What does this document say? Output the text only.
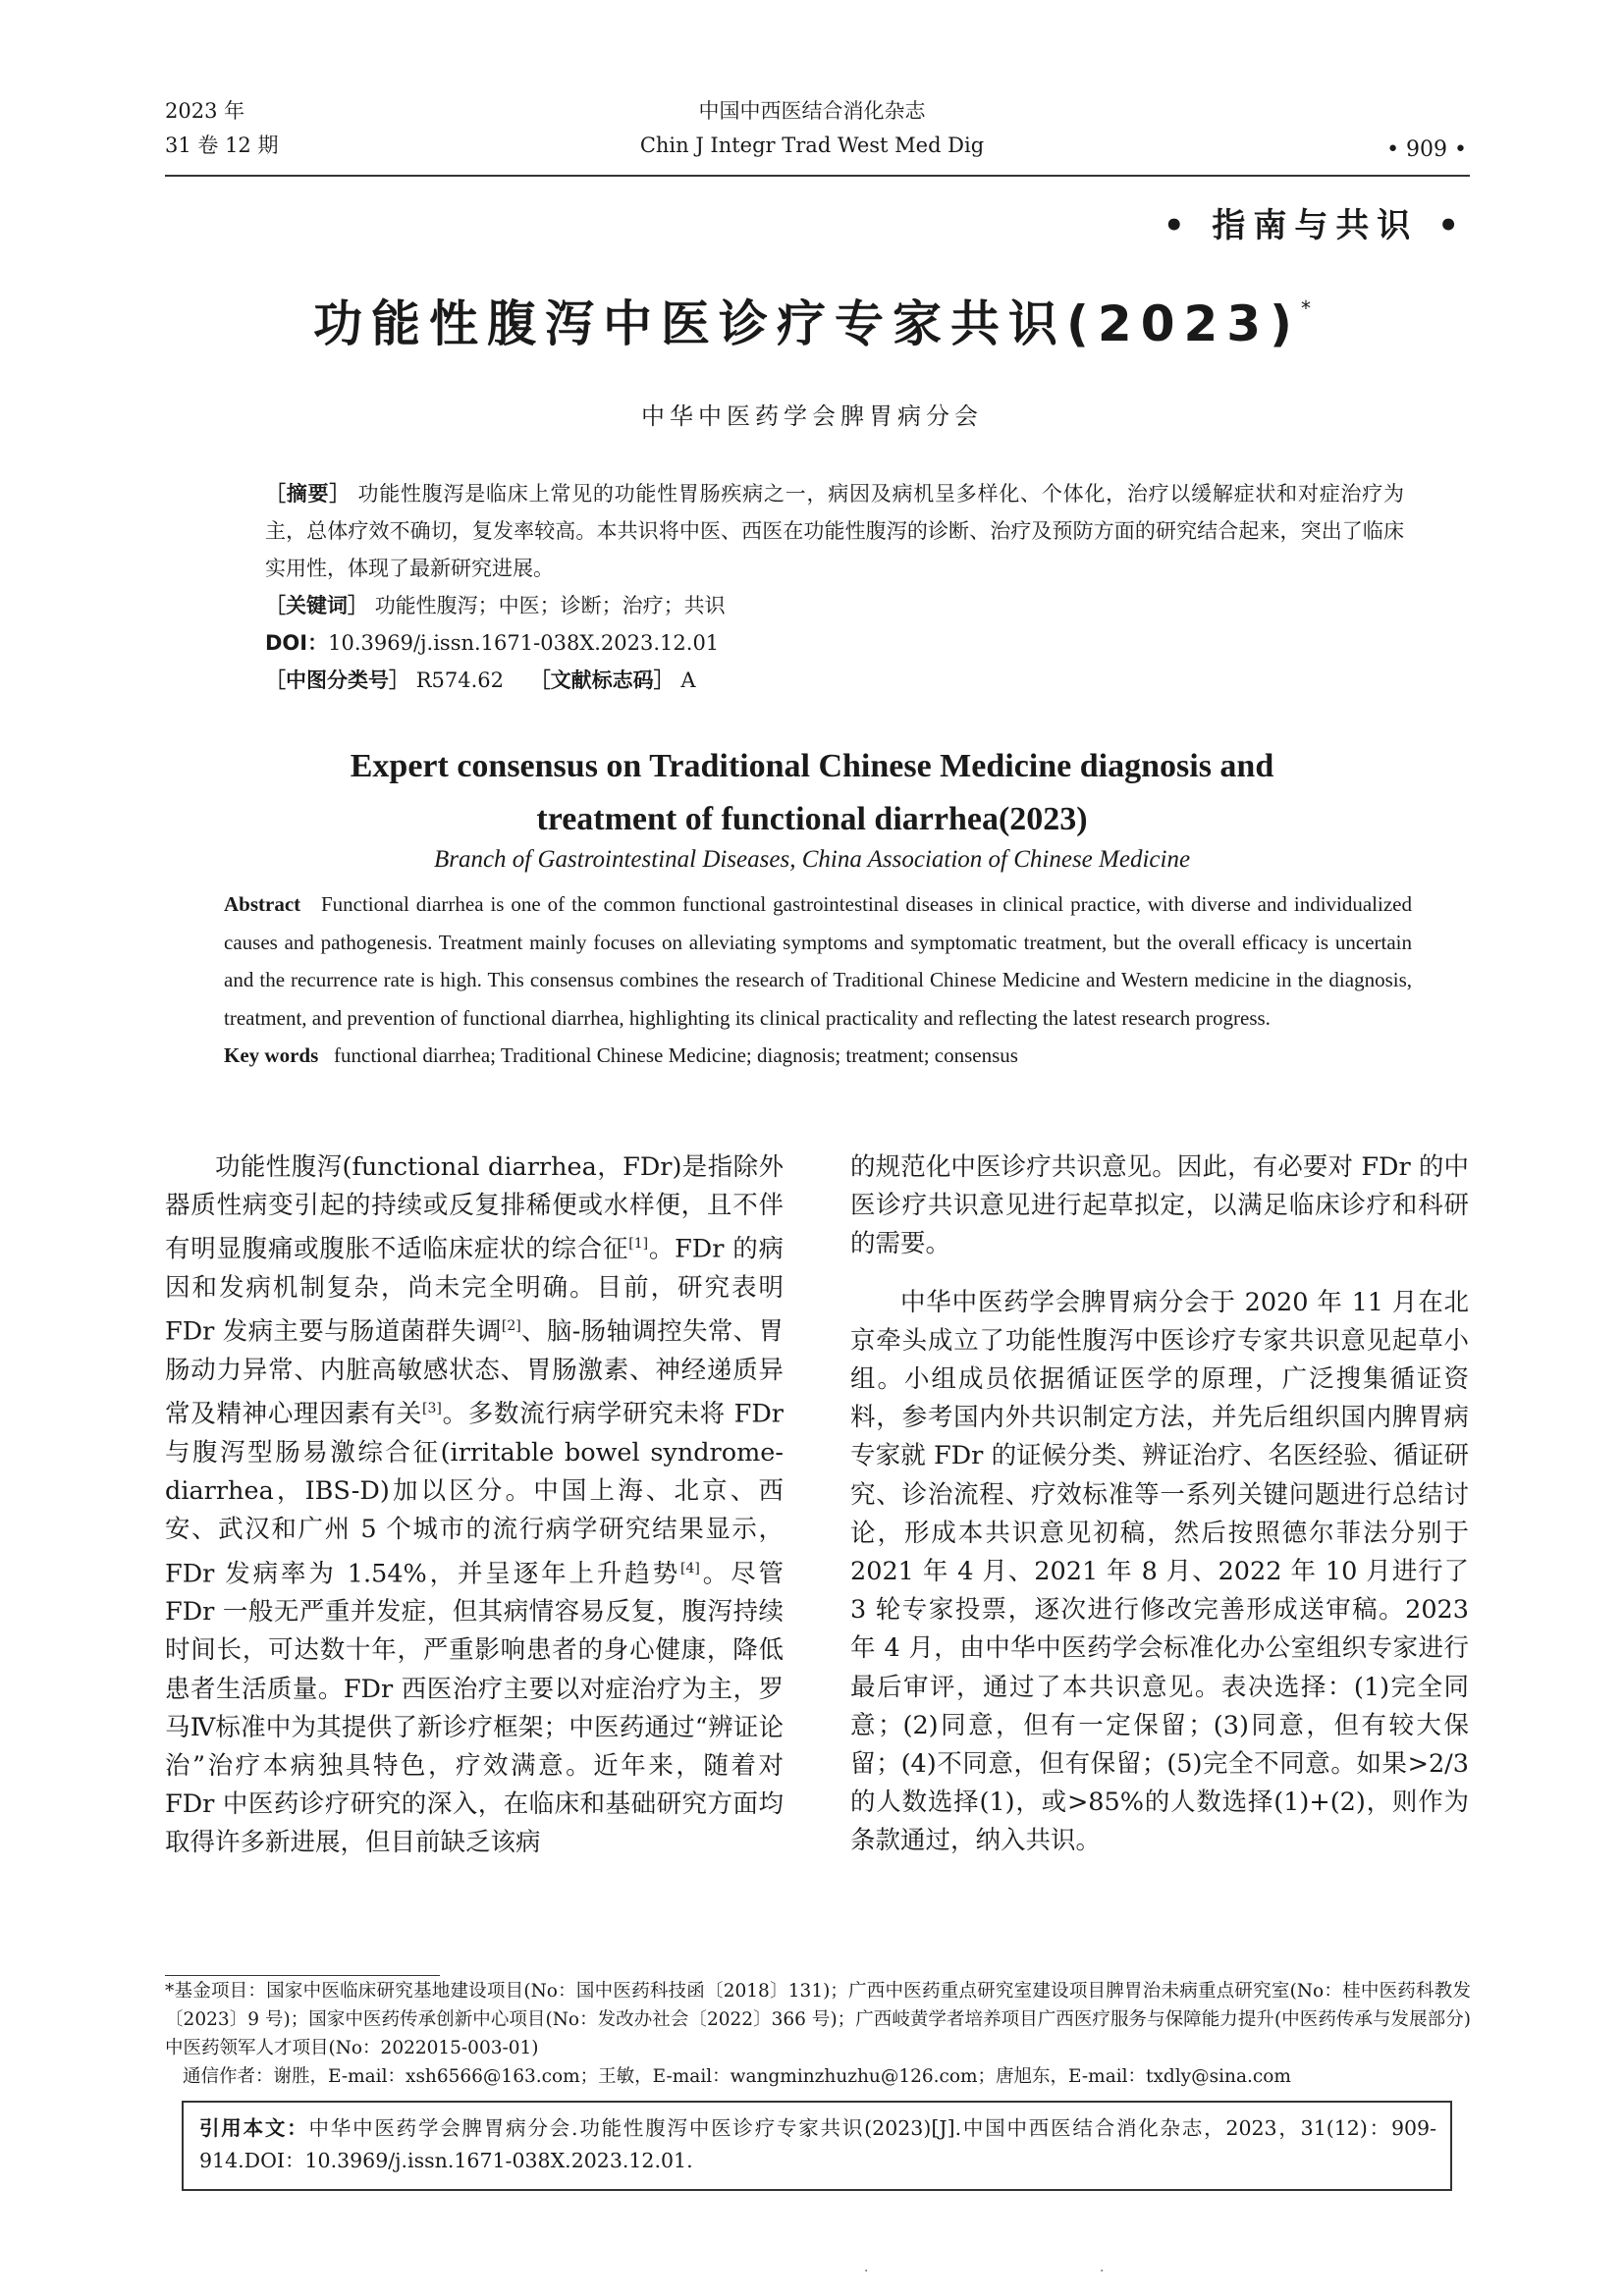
2023 年
31 卷 12 期
中国中西医结合消化杂志
Chin J Integr Trad West Med Dig	• 909 •
• 指南与共识 •
功能性腹泻中医诊疗专家共识(2023)*
中华中医药学会脾胃病分会

［摘要］ 功能性腹泻是临床上常见的功能性胃肠疾病之一，病因及病机呈多样化、个体化，治疗以缓解症状和对症治疗为主，总体疗效不确切，复发率较高。本共识将中医、西医在功能性腹泻的诊断、治疗及预防方面的研究结合起来，突出了临床实用性，体现了最新研究进展。

［关键词］ 功能性腹泻；中医；诊断；治疗；共识

DOI：10.3969/j.issn.1671-038X.2023.12.01

［中图分类号］ R574.62 ［文献标志码］ A

Expert consensus on Traditional Chinese Medicine diagnosis and
treatment of functional diarrhea(2023)
Branch of Gastrointestinal Diseases, China Association of Chinese Medicine

Abstract Functional diarrhea is one of the common functional gastrointestinal diseases in clinical practice, with diverse and individualized causes and pathogenesis. Treatment mainly focuses on alleviating symptoms and symptomatic treatment, but the overall efficacy is uncertain and the recurrence rate is high. This consensus combines the research of Traditional Chinese Medicine and Western medicine in the diagnosis, treatment, and prevention of functional diarrhea, highlighting its clinical practicality and reflecting the latest research progress.

Key words functional diarrhea; Traditional Chinese Medicine; diagnosis; treatment; consensus

功能性腹泻(functional diarrhea，FDr)是指除外器质性病变引起的持续或反复排稀便或水样便，且不伴有明显腹痛或腹胀不适临床症状的综合征[1]。FDr 的病因和发病机制复杂，尚未完全明确。目前，研究表明 FDr 发病主要与肠道菌群失调[2]、脑-肠轴调控失常、胃肠动力异常、内脏高敏感状态、胃肠激素、神经递质异常及精神心理因素有关[3]。多数流行病学研究未将 FDr 与腹泻型肠易激综合征(irritable bowel syndrome-diarrhea，IBS-D)加以区分。中国上海、北京、西安、武汉和广州 5 个城市的流行病学研究结果显示，FDr 发病率为 1.54%，并呈逐年上升趋势[4]。尽管 FDr 一般无严重并发症，但其病情容易反复，腹泻持续时间长，可达数十年，严重影响患者的身心健康，降低患者生活质量。FDr 西医治疗主要以对症治疗为主，罗马Ⅳ标准中为其提供了新诊疗框架；中医药通过“辨证论治”治疗本病独具特色，疗效满意。近年来，随着对 FDr 中医药诊疗研究的深入，在临床和基础研究方面均取得许多新进展，但目前缺乏该病

的规范化中医诊疗共识意见。因此，有必要对 FDr 的中医诊疗共识意见进行起草拟定，以满足临床诊疗和科研的需要。

中华中医药学会脾胃病分会于 2020 年 11 月在北京牵头成立了功能性腹泻中医诊疗专家共识意见起草小组。小组成员依据循证医学的原理，广泛搜集循证资料，参考国内外共识制定方法，并先后组织国内脾胃病专家就 FDr 的证候分类、辨证治疗、名医经验、循证研究、诊治流程、疗效标准等一系列关键问题进行总结讨论，形成本共识意见初稿，然后按照德尔菲法分别于 2021 年 4 月、2021 年 8 月、2022 年 10 月进行了 3 轮专家投票，逐次进行修改完善形成送审稿。2023 年 4 月，由中华中医药学会标准化办公室组织专家进行最后审评，通过了本共识意见。表决选择：(1)完全同意；(2)同意，但有一定保留；(3)同意，但有较大保留；(4)不同意，但有保留；(5)完全不同意。如果>2/3 的人数选择(1)，或>85%的人数选择(1)+(2)，则作为条款通过，纳入共识。

*基金项目：国家中医临床研究基地建设项目(No：国中医药科技函〔2018〕131)；广西中医药重点研究室建设项目脾胃治未病重点研究室(No：桂中医药科教发〔2023〕9 号)；国家中医药传承创新中心项目(No：发改办社会〔2022〕366 号)；广西岐黄学者培养项目广西医疗服务与保障能力提升(中医药传承与发展部分)中医药领军人才项目(No：2022015-003-01)

通信作者：谢胜，E-mail：xsh6566@163.com；王敏，E-mail：wangminzhuzhu@126.com；唐旭东，E-mail：txdly@sina.com

引用本文：中华中医药学会脾胃病分会.功能性腹泻中医诊疗专家共识(2023)[J].中国中西医结合消化杂志，2023，31(12)：909-914.DOI：10.3969/j.issn.1671-038X.2023.12.01.

·	·
